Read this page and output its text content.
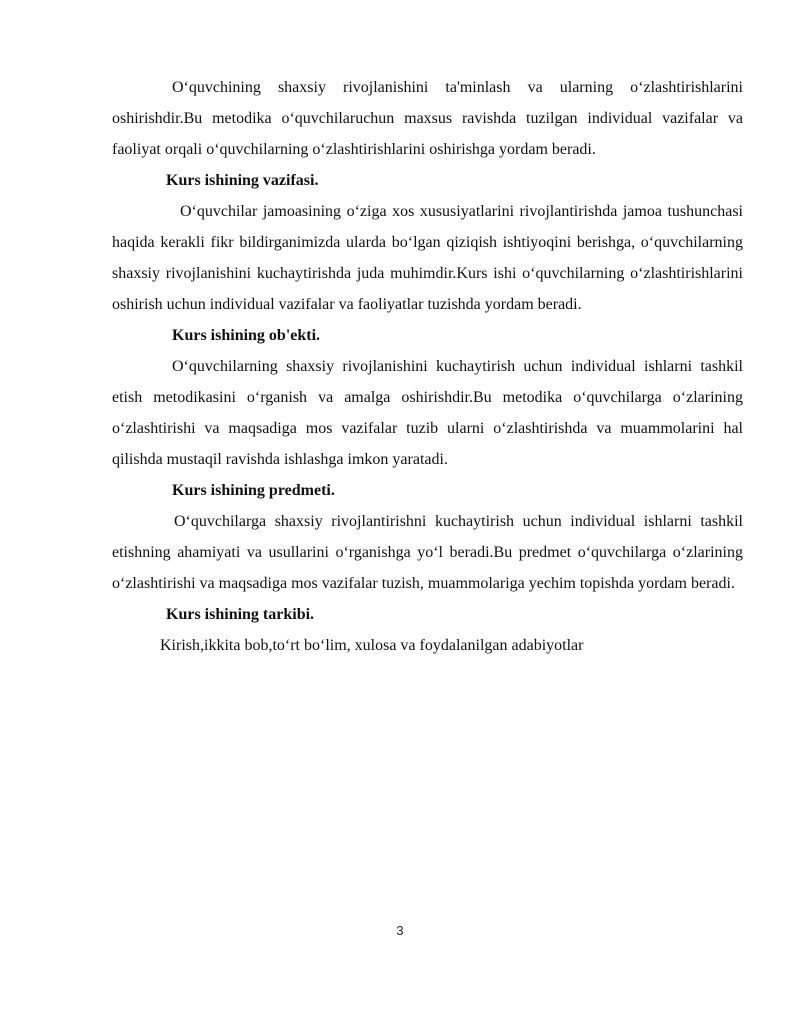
O‘quvchining shaxsiy rivojlanishini ta'minlash va ularning o‘zlashtirishlarini oshirishdir.Bu metodika o‘quvchilaruchun maxsus ravishda tuzilgan individual vazifalar va faoliyat orqali o‘quvchilarning o‘zlashtirishlarini oshirishga yordam beradi.

Kurs ishining vazifasi.

O‘quvchilar jamoasining o‘ziga xos xususiyatlarini rivojlantirishda jamoa tushunchasi haqida kerakli fikr bildirganimizda ularda bo‘lgan qiziqish ishtiyoqini berishga, o‘quvchilarning shaxsiy rivojlanishini kuchaytirishda juda muhimdir.Kurs ishi o‘quvchilarning o‘zlashtirishlarini oshirish uchun individual vazifalar va faoliyatlar tuzishda yordam beradi.

Kurs ishining ob'ekti.

O‘quvchilarning shaxsiy rivojlanishini kuchaytirish uchun individual ishlarni tashkil etish metodikasini o‘rganish va amalga oshirishdir.Bu metodika o‘quvchilarga o‘zlarining o‘zlashtirishi va maqsadiga mos vazifalar tuzib ularni o‘zlashtirishda va muammolarini hal qilishda mustaqil ravishda ishlashga imkon yaratadi.

Kurs ishining predmeti.

O‘quvchilarga shaxsiy rivojlantirishni kuchaytirish uchun individual ishlarni tashkil etishning ahamiyati va usullarini o‘rganishga yo‘l beradi.Bu predmet o‘quvchilarga o‘zlarining o‘zlashtirishi va maqsadiga mos vazifalar tuzish, muammolariga yechim topishda yordam beradi.

Kurs ishining tarkibi.

Kirish,ikkita bob,to‘rt bo‘lim, xulosa va foydalanilgan adabiyotlar

3
